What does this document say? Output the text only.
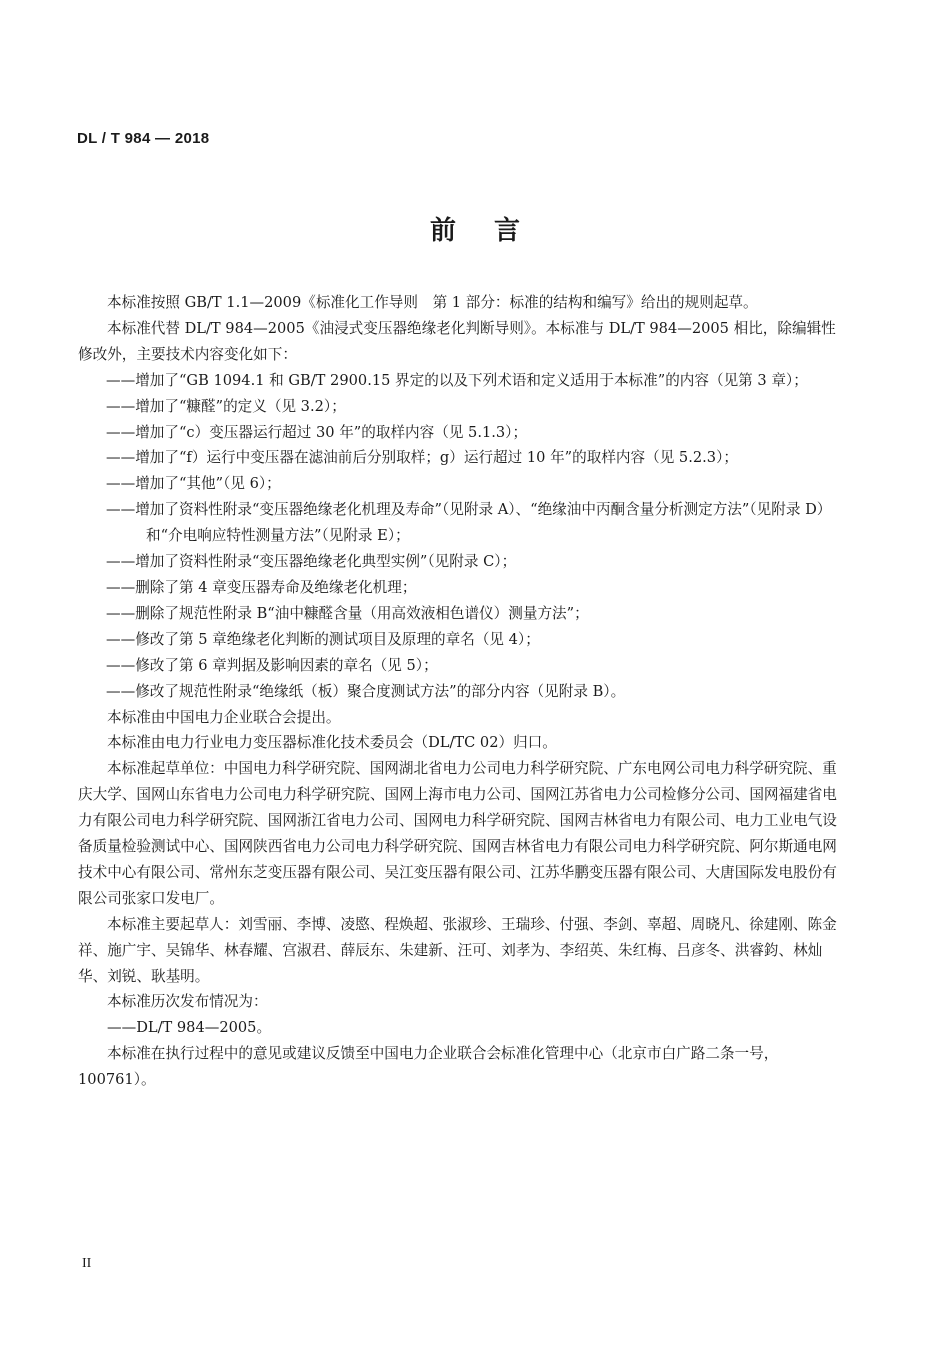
DL / T 984 — 2018
前言

本标准按照 GB/T 1.1—2009《标准化工作导则　第 1 部分：标准的结构和编写》给出的规则起草。

本标准代替 DL/T 984—2005《油浸式变压器绝缘老化判断导则》。本标准与 DL/T 984—2005 相比，除编辑性修改外，主要技术内容变化如下：

——增加了“GB 1094.1 和 GB/T 2900.15 界定的以及下列术语和定义适用于本标准”的内容（见第 3 章）；

——增加了“糠醛”的定义（见 3.2）；

——增加了“c）变压器运行超过 30 年”的取样内容（见 5.1.3）；

——增加了“f）运行中变压器在滤油前后分别取样；g）运行超过 10 年”的取样内容（见 5.2.3）；

——增加了“其他”（见 6）；

——增加了资料性附录“变压器绝缘老化机理及寿命”（见附录 A）、“绝缘油中丙酮含量分析测定方法”（见附录 D）和“介电响应特性测量方法”（见附录 E）；

——增加了资料性附录“变压器绝缘老化典型实例”（见附录 C）；

——删除了第 4 章变压器寿命及绝缘老化机理；

——删除了规范性附录 B“油中糠醛含量（用高效液相色谱仪）测量方法”；

——修改了第 5 章绝缘老化判断的测试项目及原理的章名（见 4）；

——修改了第 6 章判据及影响因素的章名（见 5）；

——修改了规范性附录“绝缘纸（板）聚合度测试方法”的部分内容（见附录 B）。

本标准由中国电力企业联合会提出。

本标准由电力行业电力变压器标准化技术委员会（DL/TC 02）归口。

本标准起草单位：中国电力科学研究院、国网湖北省电力公司电力科学研究院、广东电网公司电力科学研究院、重庆大学、国网山东省电力公司电力科学研究院、国网上海市电力公司、国网江苏省电力公司检修分公司、国网福建省电力有限公司电力科学研究院、国网浙江省电力公司、国网电力科学研究院、国网吉林省电力有限公司、电力工业电气设备质量检验测试中心、国网陕西省电力公司电力科学研究院、国网吉林省电力有限公司电力科学研究院、阿尔斯通电网技术中心有限公司、常州东芝变压器有限公司、吴江变压器有限公司、江苏华鹏变压器有限公司、大唐国际发电股份有限公司张家口发电厂。

本标准主要起草人：刘雪丽、李博、凌愍、程焕超、张淑珍、王瑞珍、付强、李剑、辜超、周晓凡、徐建刚、陈金祥、施广宇、吴锦华、林春耀、宫淑君、薛辰东、朱建新、汪可、刘孝为、李绍英、朱红梅、吕彦冬、洪睿鈞、林灿华、刘锐、耿基明。

本标准历次发布情况为：

——DL/T 984—2005。

本标准在执行过程中的意见或建议反馈至中国电力企业联合会标准化管理中心（北京市白广路二条一号，100761）。

II
